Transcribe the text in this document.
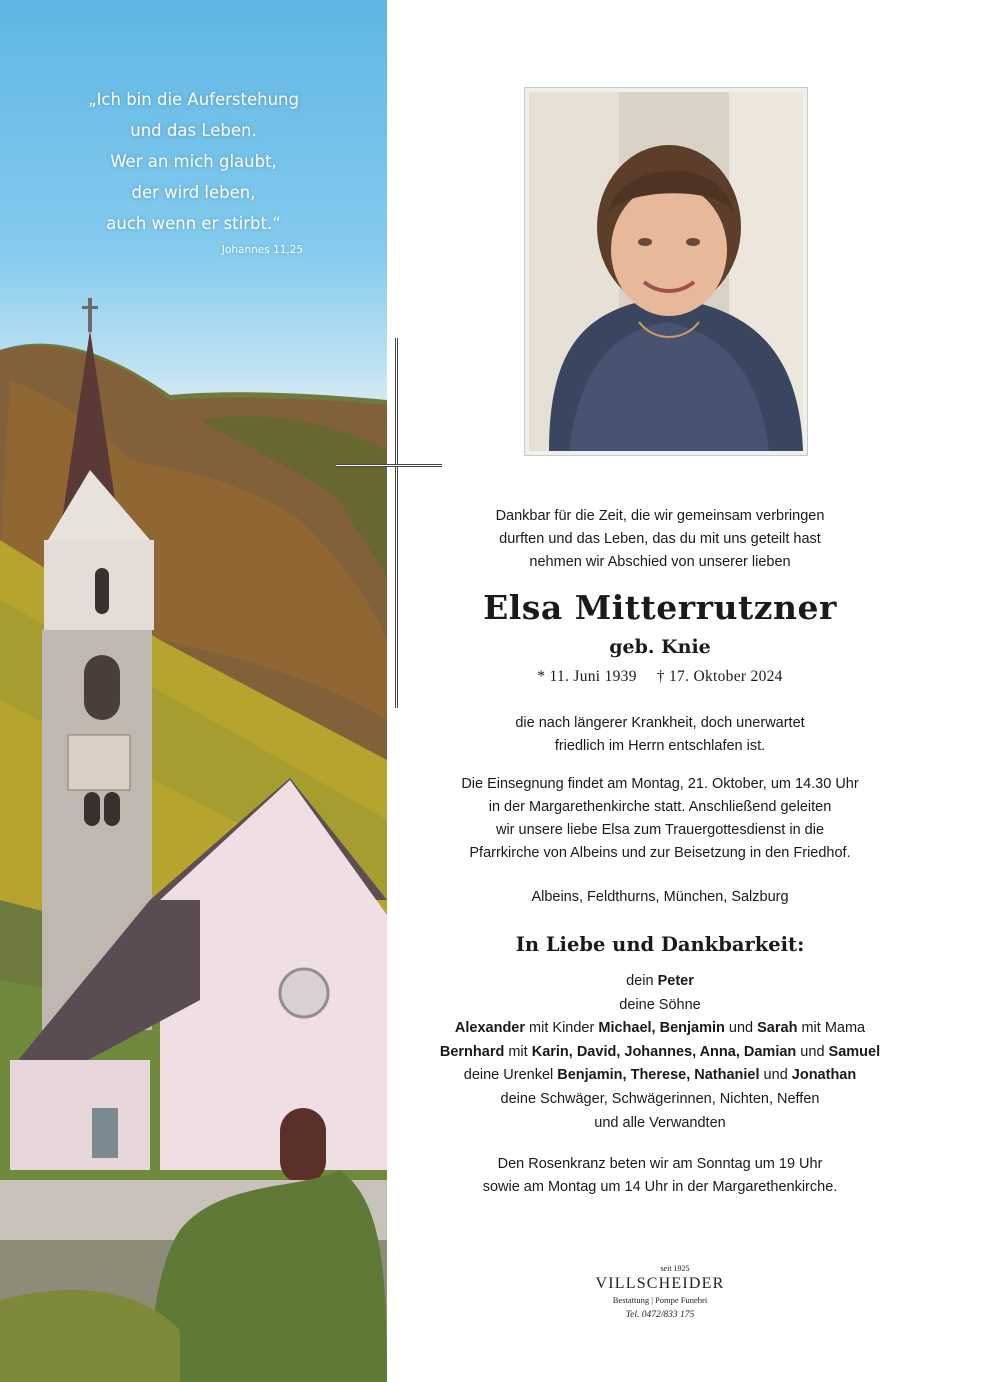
„Ich bin die Auferstehung
und das Leben.
Wer an mich glaubt,
der wird leben,
auch wenn er stirbt.“
Johannes 11,25
Dankbar für die Zeit, die wir gemeinsam verbringen
durften und das Leben, das du mit uns geteilt hast
nehmen wir Abschied von unserer lieben
Elsa Mitterrutzner
geb. Knie
* 11. Juni 1939 † 17. Oktober 2024
die nach längerer Krankheit, doch unerwartet
friedlich im Herrn entschlafen ist.
Die Einsegnung findet am Montag, 21. Oktober, um 14.30 Uhr
in der Margarethenkirche statt. Anschließend geleiten
wir unsere liebe Elsa zum Trauergottesdienst in die
Pfarrkirche von Albeins und zur Beisetzung in den Friedhof.
Albeins, Feldthurns, München, Salzburg
In Liebe und Dankbarkeit:
dein Peter
deine Söhne
Alexander mit Kinder Michael, Benjamin und Sarah mit Mama
Bernhard mit Karin, David, Johannes, Anna, Damian und Samuel
deine Urenkel Benjamin, Therese, Nathaniel und Jonathan
deine Schwäger, Schwägerinnen, Nichten, Neffen
und alle Verwandten
Den Rosenkranz beten wir am Sonntag um 19 Uhr
sowie am Montag um 14 Uhr in der Margarethenkirche.
seit 1925
VILLSCHEIDER
Bestattung | Pompe Funebri
Tel. 0472/833 175
